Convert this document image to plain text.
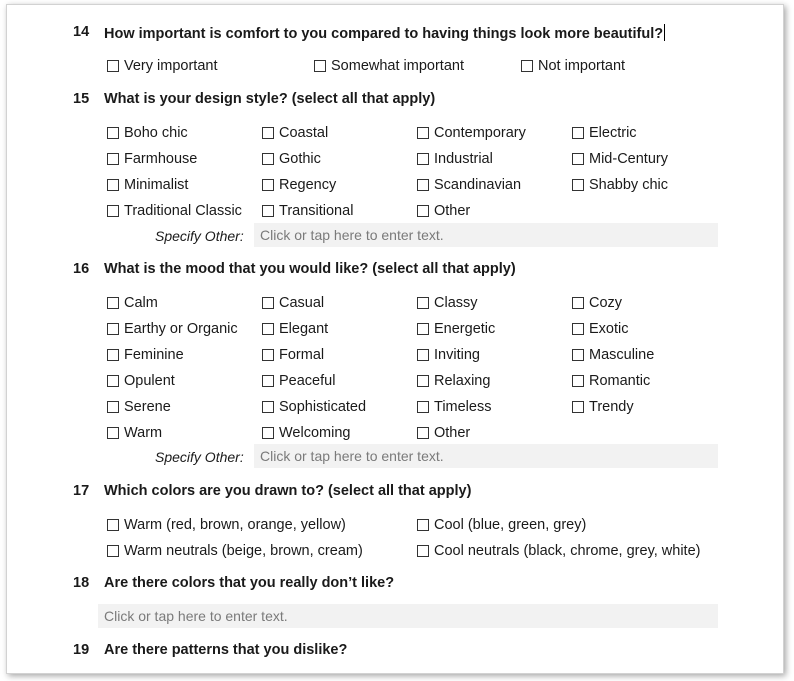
14	How important is comfort to you compared to having things look more beautiful?
Very important	Somewhat important	Not important
15	What is your design style? (select all that apply)
Boho chic	Coastal	Contemporary	Electric
Farmhouse	Gothic	Industrial	Mid-Century
Minimalist	Regency	Scandinavian	Shabby chic
Traditional Classic	Transitional	Other
Specify Other:	Click or tap here to enter text.
16	What is the mood that you would like? (select all that apply)
Calm	Casual	Classy	Cozy
Earthy or Organic	Elegant	Energetic	Exotic
Feminine	Formal	Inviting	Masculine
Opulent	Peaceful	Relaxing	Romantic
Serene	Sophisticated	Timeless	Trendy
Warm	Welcoming	Other
Specify Other:	Click or tap here to enter text.
17	Which colors are you drawn to? (select all that apply)
Warm (red, brown, orange, yellow)	Cool (blue, green, grey)
Warm neutrals (beige, brown, cream)	Cool neutrals (black, chrome, grey, white)
18	Are there colors that you really don’t like?
Click or tap here to enter text.
19	Are there patterns that you dislike?
